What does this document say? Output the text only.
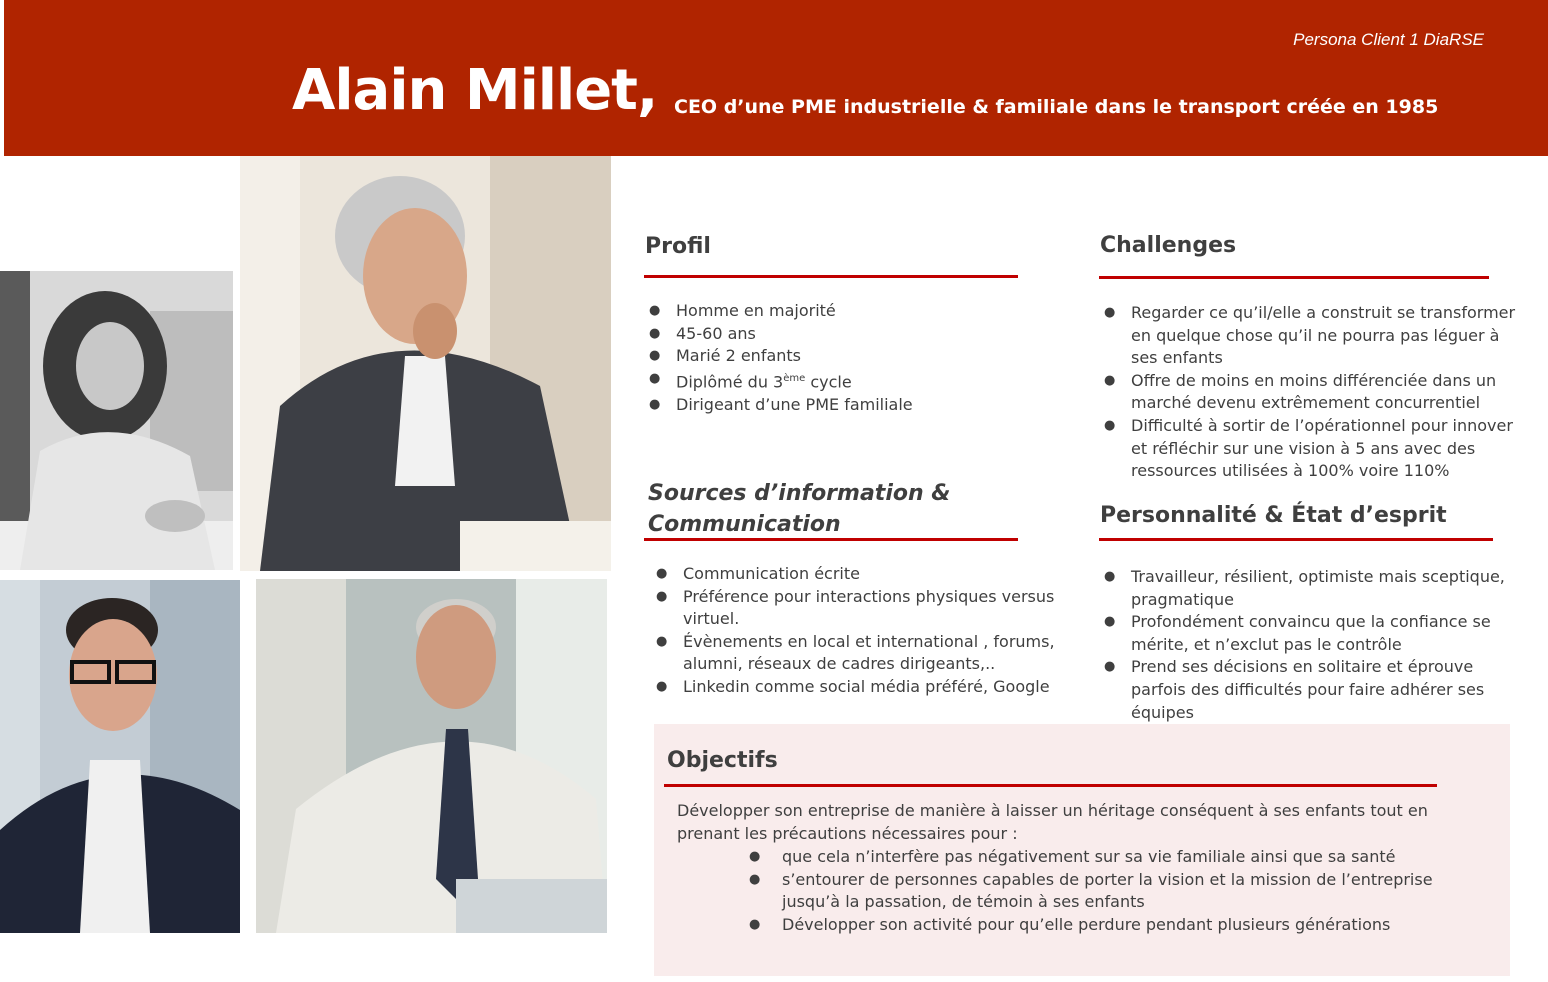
Persona Client 1 DiaRSE
Alain Millet, CEO d’une PME industrielle & familiale dans le transport créée en 1985
Profil
● Homme en majorité
● 45-60 ans
● Marié 2 enfants
● Diplômé du 3ème cycle
● Dirigeant d’une PME familiale
Sources d’information &
Communication
● Communication écrite
● Préférence pour interactions physiques versus virtuel.
● Évènements en local et international , forums, alumni, réseaux de cadres dirigeants,..
● Linkedin comme social média préféré, Google
Challenges
● Regarder ce qu’il/elle a construit se transformer en quelque chose qu’il ne pourra pas léguer à ses enfants
● Offre de moins en moins différenciée dans un marché devenu extrêmement concurrentiel
● Difficulté à sortir de l’opérationnel pour innover et réfléchir sur une vision à 5 ans avec des ressources utilisées à 100% voire 110%
Personnalité & État d’esprit
● Travailleur, résilient, optimiste mais sceptique, pragmatique
● Profondément convaincu que la confiance se mérite, et n’exclut pas le contrôle
● Prend ses décisions en solitaire et éprouve parfois des difficultés pour faire adhérer ses équipes
Objectifs

Développer son entreprise de manière à laisser un héritage conséquent à ses enfants tout en prenant les précautions nécessaires pour :

● que cela n’interfère pas négativement sur sa vie familiale ainsi que sa santé
● s’entourer de personnes capables de porter la vision et la mission de l’entreprise jusqu’à la passation, de témoin à ses enfants
● Développer son activité pour qu’elle perdure pendant plusieurs générations
